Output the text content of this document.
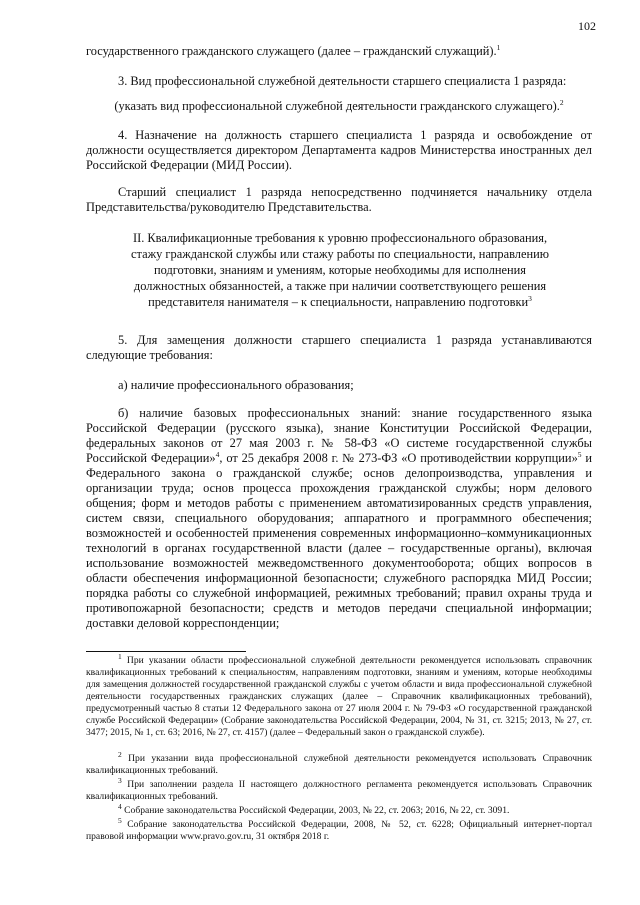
102
государственного гражданского служащего (далее – гражданский служащий).$^1$

3. Вид профессиональной служебной деятельности старшего специалиста 1 разряда:

(указать вид профессиональной служебной деятельности гражданского служащего).$^2$

4. Назначение на должность старшего специалиста 1 разряда и освобождение от должности осуществляется директором Департамента кадров Министерства иностранных дел Российской Федерации (МИД России).

Старший специалист 1 разряда непосредственно подчиняется начальнику отдела Представительства/руководителю Представительства.

II. Квалификационные требования к уровню профессионального образования, стажу гражданской службы или стажу работы по специальности, направлению подготовки, знаниям и умениям, которые необходимы для исполнения должностных обязанностей, а также при наличии соответствующего решения представителя нанимателя – к специальности, направлению подготовки$^3$

5. Для замещения должности старшего специалиста 1 разряда устанавливаются следующие требования:

а) наличие профессионального образования;

б) наличие базовых профессиональных знаний: знание государственного языка Российской Федерации (русского языка), знание Конституции Российской Федерации, федеральных законов от 27 мая 2003 г. № 58-ФЗ «О системе государственной службы Российской Федерации»$^4$, от 25 декабря 2008 г. № 273-ФЗ «О противодействии коррупции»$^5$ и Федерального закона о гражданской службе; основ делопроизводства, управления и организации труда; основ процесса прохождения гражданской службы; норм делового общения; форм и методов работы с применением автоматизированных средств управления, систем связи, специального оборудования; аппаратного и программного обеспечения; возможностей и особенностей применения современных информационно–коммуникационных технологий в органах государственной власти (далее – государственные органы), включая использование возможностей межведомственного документооборота; общих вопросов в области обеспечения информационной безопасности; служебного распорядка МИД России; порядка работы со служебной информацией, режимных требований; правил охраны труда и противопожарной безопасности; средств и методов передачи специальной информации; доставки деловой корреспонденции;

$^1$ При указании области профессиональной служебной деятельности рекомендуется использовать справочник квалификационных требований к специальностям, направлениям подготовки, знаниям и умениям, которые необходимы для замещения должностей государственной гражданской службы с учетом области и вида профессиональной служебной деятельности государственных гражданских служащих (далее – Справочник квалификационных требований), предусмотренный частью 8 статьи 12 Федерального закона от 27 июля 2004 г. № 79-ФЗ «О государственной гражданской службе Российской Федерации» (Собрание законодательства Российской Федерации, 2004, № 31, ст. 3215; 2013, № 27, ст. 3477; 2015, № 1, ст. 63; 2016, № 27, ст. 4157) (далее – Федеральный закон о гражданской службе).

$^2$ При указании вида профессиональной служебной деятельности рекомендуется использовать Справочник квалификационных требований.

$^3$ При заполнении раздела II настоящего должностного регламента рекомендуется использовать Справочник квалификационных требований.

$^4$ Собрание законодательства Российской Федерации, 2003, № 22, ст. 2063; 2016, № 22, ст. 3091.

$^5$ Собрание законодательства Российской Федерации, 2008, № 52, ст. 6228; Официальный интернет-портал правовой информации www.pravo.gov.ru, 31 октября 2018 г.
